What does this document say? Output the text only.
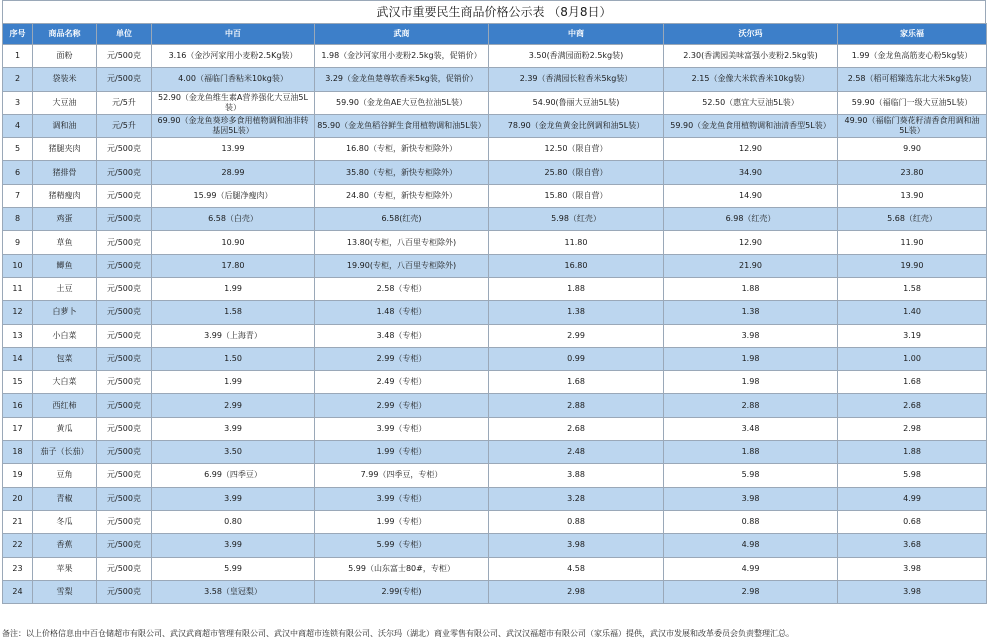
武汉市重要民生商品价格公示表 （8月8日）
序号	商品名称	单位	中百	武商	中商	沃尔玛	家乐福
1	面粉	元/500克	3.16（金沙河家用小麦粉2.5Kg装）	1.98（金沙河家用小麦粉2.5kg装，促销价）	3.50(香满园面粉2.5kg装)	2.30(香满园美味富强小麦粉2.5kg装)	1.99（金龙鱼高筋麦心粉5kg装）
2	袋装米	元/500克	4.00（福临门香粘米10kg装）	3.29（金龙鱼楚尊软香米5kg装，促销价）	2.39（香满园长粒香米5kg装）	2.15（金像大米软香米10kg装）	2.58（稻可稻臻选东北大米5kg装）
3	大豆油	元/5升	52.90（金龙鱼维生素A营养强化大豆油5L装）	59.90（金龙鱼AE大豆色拉油5L装）	54.90(鲁丽大豆油5L装)	52.50（惠宜大豆油5L装）	59.90（福临门一级大豆油5L装）
4	调和油	元/5升	69.90（金龙鱼葵珍多食用植物调和油非转基因5L装）	85.90（金龙鱼稻谷鲜生食用植物调和油5L装）	78.90（金龙鱼黄金比例调和油5L装）	59.90（金龙鱼食用植物调和油清香型5L装）	49.90（福临门葵花籽清香食用调和油5L装）
5	猪腿夹肉	元/500克	13.99	16.80（专柜，新快专柜除外）	12.50（限自营）	12.90	9.90
6	猪排骨	元/500克	28.99	35.80（专柜，新快专柜除外）	25.80（限自营）	34.90	23.80
7	猪精瘦肉	元/500克	15.99（后腿净瘦肉）	24.80（专柜，新快专柜除外）	15.80（限自营）	14.90	13.90
8	鸡蛋	元/500克	6.58（白壳）	6.58(红壳)	5.98（红壳）	6.98（红壳）	5.68（红壳）
9	草鱼	元/500克	10.90	13.80(专柜，八百里专柜除外)	11.80	12.90	11.90
10	鲫鱼	元/500克	17.80	19.90(专柜，八百里专柜除外)	16.80	21.90	19.90
11	土豆	元/500克	1.99	2.58（专柜）	1.88	1.88	1.58
12	白萝卜	元/500克	1.58	1.48（专柜）	1.38	1.38	1.40
13	小白菜	元/500克	3.99（上海青）	3.48（专柜）	2.99	3.98	3.19
14	包菜	元/500克	1.50	2.99（专柜）	0.99	1.98	1.00
15	大白菜	元/500克	1.99	2.49（专柜）	1.68	1.98	1.68
16	西红柿	元/500克	2.99	2.99（专柜）	2.88	2.88	2.68
17	黄瓜	元/500克	3.99	3.99（专柜）	2.68	3.48	2.98
18	茄子（长茄）	元/500克	3.50	1.99（专柜）	2.48	1.88	1.88
19	豆角	元/500克	6.99（四季豆）	7.99（四季豆，专柜）	3.88	5.98	5.98
20	青椒	元/500克	3.99	3.99（专柜）	3.28	3.98	4.99
21	冬瓜	元/500克	0.80	1.99（专柜）	0.88	0.88	0.68
22	香蕉	元/500克	3.99	5.99（专柜）	3.98	4.98	3.68
23	苹果	元/500克	5.99	5.99（山东富士80#，专柜）	4.58	4.99	3.98
24	雪梨	元/500克	3.58（皇冠梨）	2.99(专柜)	2.98	2.98	3.98
备注：以上价格信息由中百仓储超市有限公司、武汉武商超市管理有限公司、武汉中商超市连锁有限公司、沃尔玛（湖北）商业零售有限公司、武汉汉福超市有限公司（家乐福）提供，武汉市发展和改革委员会负责整理汇总。
